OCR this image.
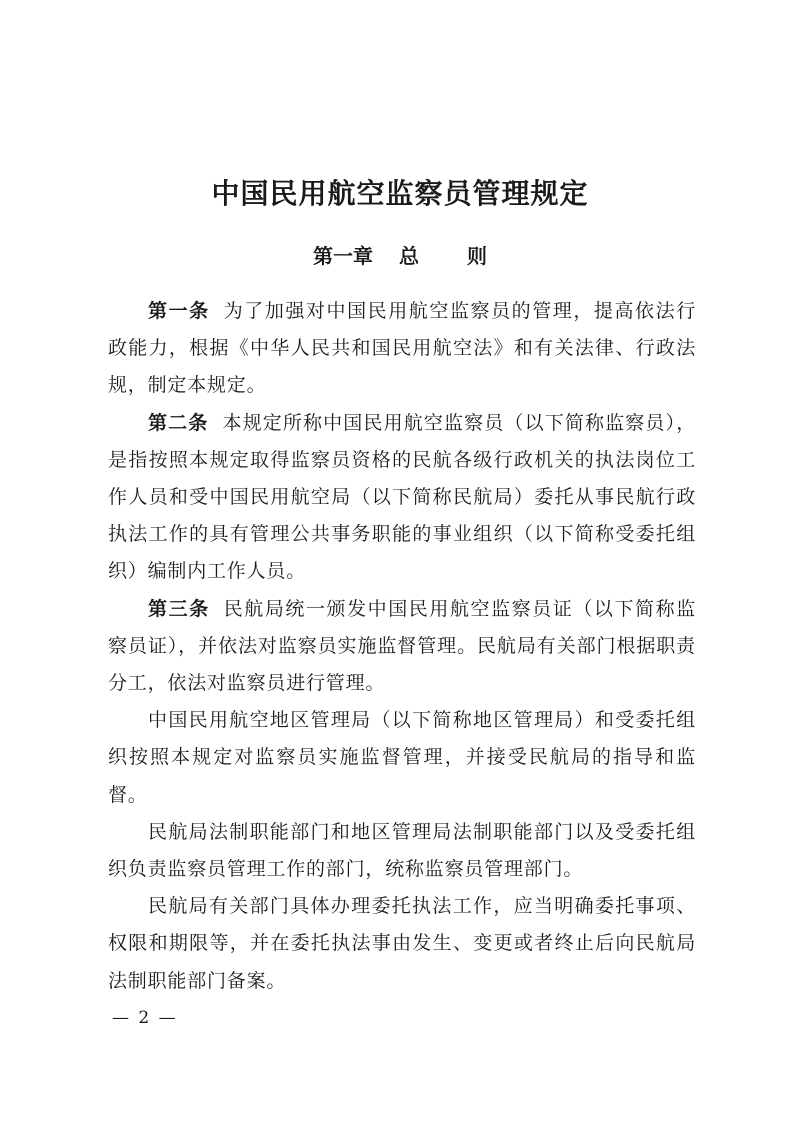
中国民用航空监察员管理规定
第一章 总 则

第一条 为了加强对中国民用航空监察员的管理，提高依法行政能力，根据《中华人民共和国民用航空法》和有关法律、行政法规，制定本规定。

第二条 本规定所称中国民用航空监察员（以下简称监察员），是指按照本规定取得监察员资格的民航各级行政机关的执法岗位工作人员和受中国民用航空局（以下简称民航局）委托从事民航行政执法工作的具有管理公共事务职能的事业组织（以下简称受委托组织）编制内工作人员。

第三条 民航局统一颁发中国民用航空监察员证（以下简称监察员证），并依法对监察员实施监督管理。民航局有关部门根据职责分工，依法对监察员进行管理。

中国民用航空地区管理局（以下简称地区管理局）和受委托组织按照本规定对监察员实施监督管理，并接受民航局的指导和监督。

民航局法制职能部门和地区管理局法制职能部门以及受委托组织负责监察员管理工作的部门，统称监察员管理部门。

民航局有关部门具体办理委托执法工作，应当明确委托事项、权限和期限等，并在委托执法事由发生、变更或者终止后向民航局法制职能部门备案。

— 2 —
